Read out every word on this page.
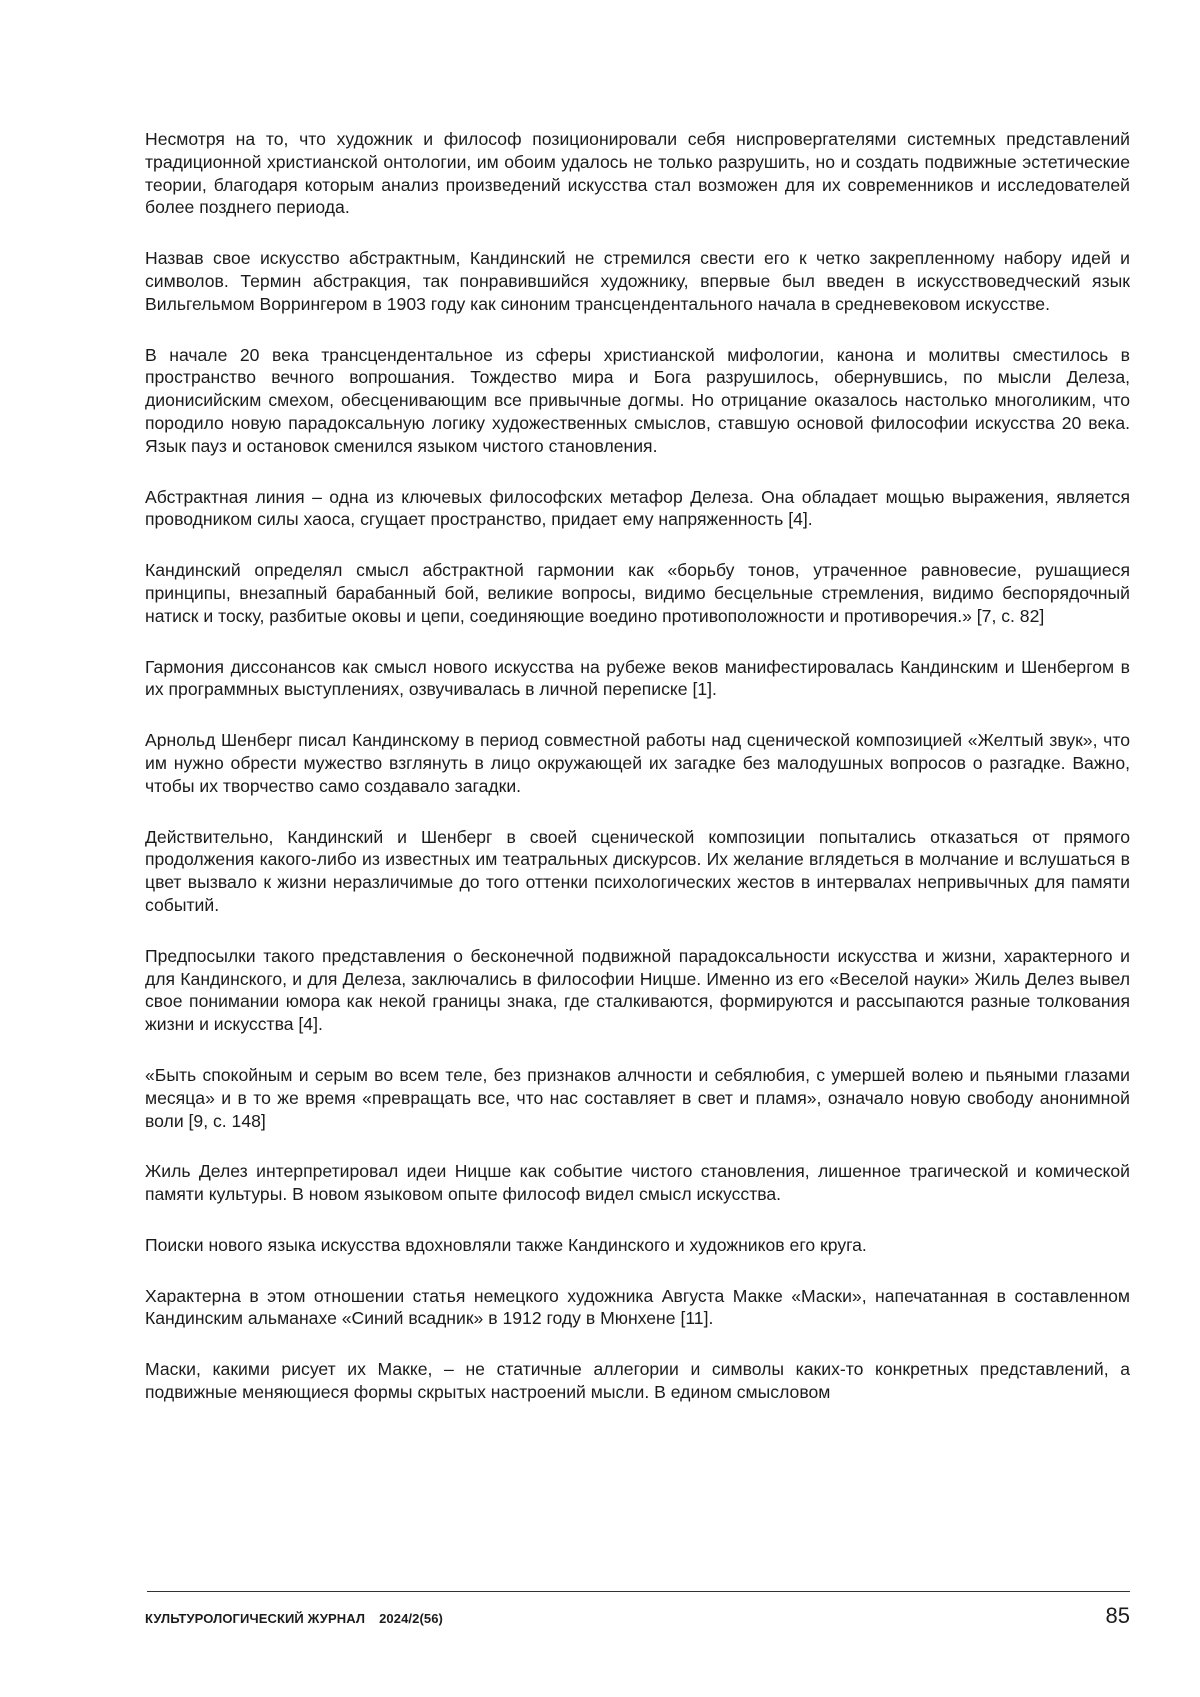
Несмотря на то, что художник и философ позиционировали себя ниспровергателями системных представлений традиционной христианской онтологии, им обоим удалось не только разрушить, но и создать подвижные эстетические теории, благодаря которым анализ произведений искусства стал возможен для их современников и исследователей более позднего периода.

Назвав свое искусство абстрактным, Кандинский не стремился свести его к четко закрепленному набору идей и символов. Термин абстракция, так понравившийся художнику, впервые был введен в искусствоведческий язык Вильгельмом Воррингером в 1903 году как синоним трансцендентального начала в средневековом искусстве.

В начале 20 века трансцендентальное из сферы христианской мифологии, канона и молитвы сместилось в пространство вечного вопрошания. Тождество мира и Бога разрушилось, обернувшись, по мысли Делеза, дионисийским смехом, обесценивающим все привычные догмы. Но отрицание оказалось настолько многоликим, что породило новую парадоксальную логику художественных смыслов, ставшую основой философии искусства 20 века. Язык пауз и остановок сменился языком чистого становления.

Абстрактная линия – одна из ключевых философских метафор Делеза. Она обладает мощью выражения, является проводником силы хаоса, сгущает пространство, придает ему напряженность [4].

Кандинский определял смысл абстрактной гармонии как «борьбу тонов, утраченное равновесие, рушащиеся принципы, внезапный барабанный бой, великие вопросы, видимо бесцельные стремления, видимо беспорядочный натиск и тоску, разбитые оковы и цепи, соединяющие воедино противоположности и противоречия.» [7, с. 82]

Гармония диссонансов как смысл нового искусства на рубеже веков манифестировалась Кандинским и Шенбергом в их программных выступлениях, озвучивалась в личной переписке [1].

Арнольд Шенберг писал Кандинскому в период совместной работы над сценической композицией «Желтый звук», что им нужно обрести мужество взглянуть в лицо окружающей их загадке без малодушных вопросов о разгадке. Важно, чтобы их творчество само создавало загадки.

Действительно, Кандинский и Шенберг в своей сценической композиции попытались отказаться от прямого продолжения какого-либо из известных им театральных дискурсов. Их желание вглядеться в молчание и вслушаться в цвет вызвало к жизни неразличимые до того оттенки психологических жестов в интервалах непривычных для памяти событий.

Предпосылки такого представления о бесконечной подвижной парадоксальности искусства и жизни, характерного и для Кандинского, и для Делеза, заключались в философии Ницше. Именно из его «Веселой науки» Жиль Делез вывел свое понимании юмора как некой границы знака, где сталкиваются, формируются и рассыпаются разные толкования жизни и искусства [4].

«Быть спокойным и серым во всем теле, без признаков алчности и себялюбия, с умершей волею и пьяными глазами месяца» и в то же время «превращать все, что нас составляет в свет и пламя», означало новую свободу анонимной воли [9, с. 148]

Жиль Делез интерпретировал идеи Ницше как событие чистого становления, лишенное трагической и комической памяти культуры. В новом языковом опыте философ видел смысл искусства.

Поиски нового языка искусства вдохновляли также Кандинского и художников его круга.

Характерна в этом отношении статья немецкого художника Августа Макке «Маски», напечатанная в составленном Кандинским альманахе «Синий всадник» в 1912 году в Мюнхене [11].

Маски, какими рисует их Макке, – не статичные аллегории и символы каких-то конкретных представлений, а подвижные меняющиеся формы скрытых настроений мысли. В едином смысловом

КУЛЬТУРОЛОГИЧЕСКИЙ ЖУРНАЛ 2024/2(56)	85
